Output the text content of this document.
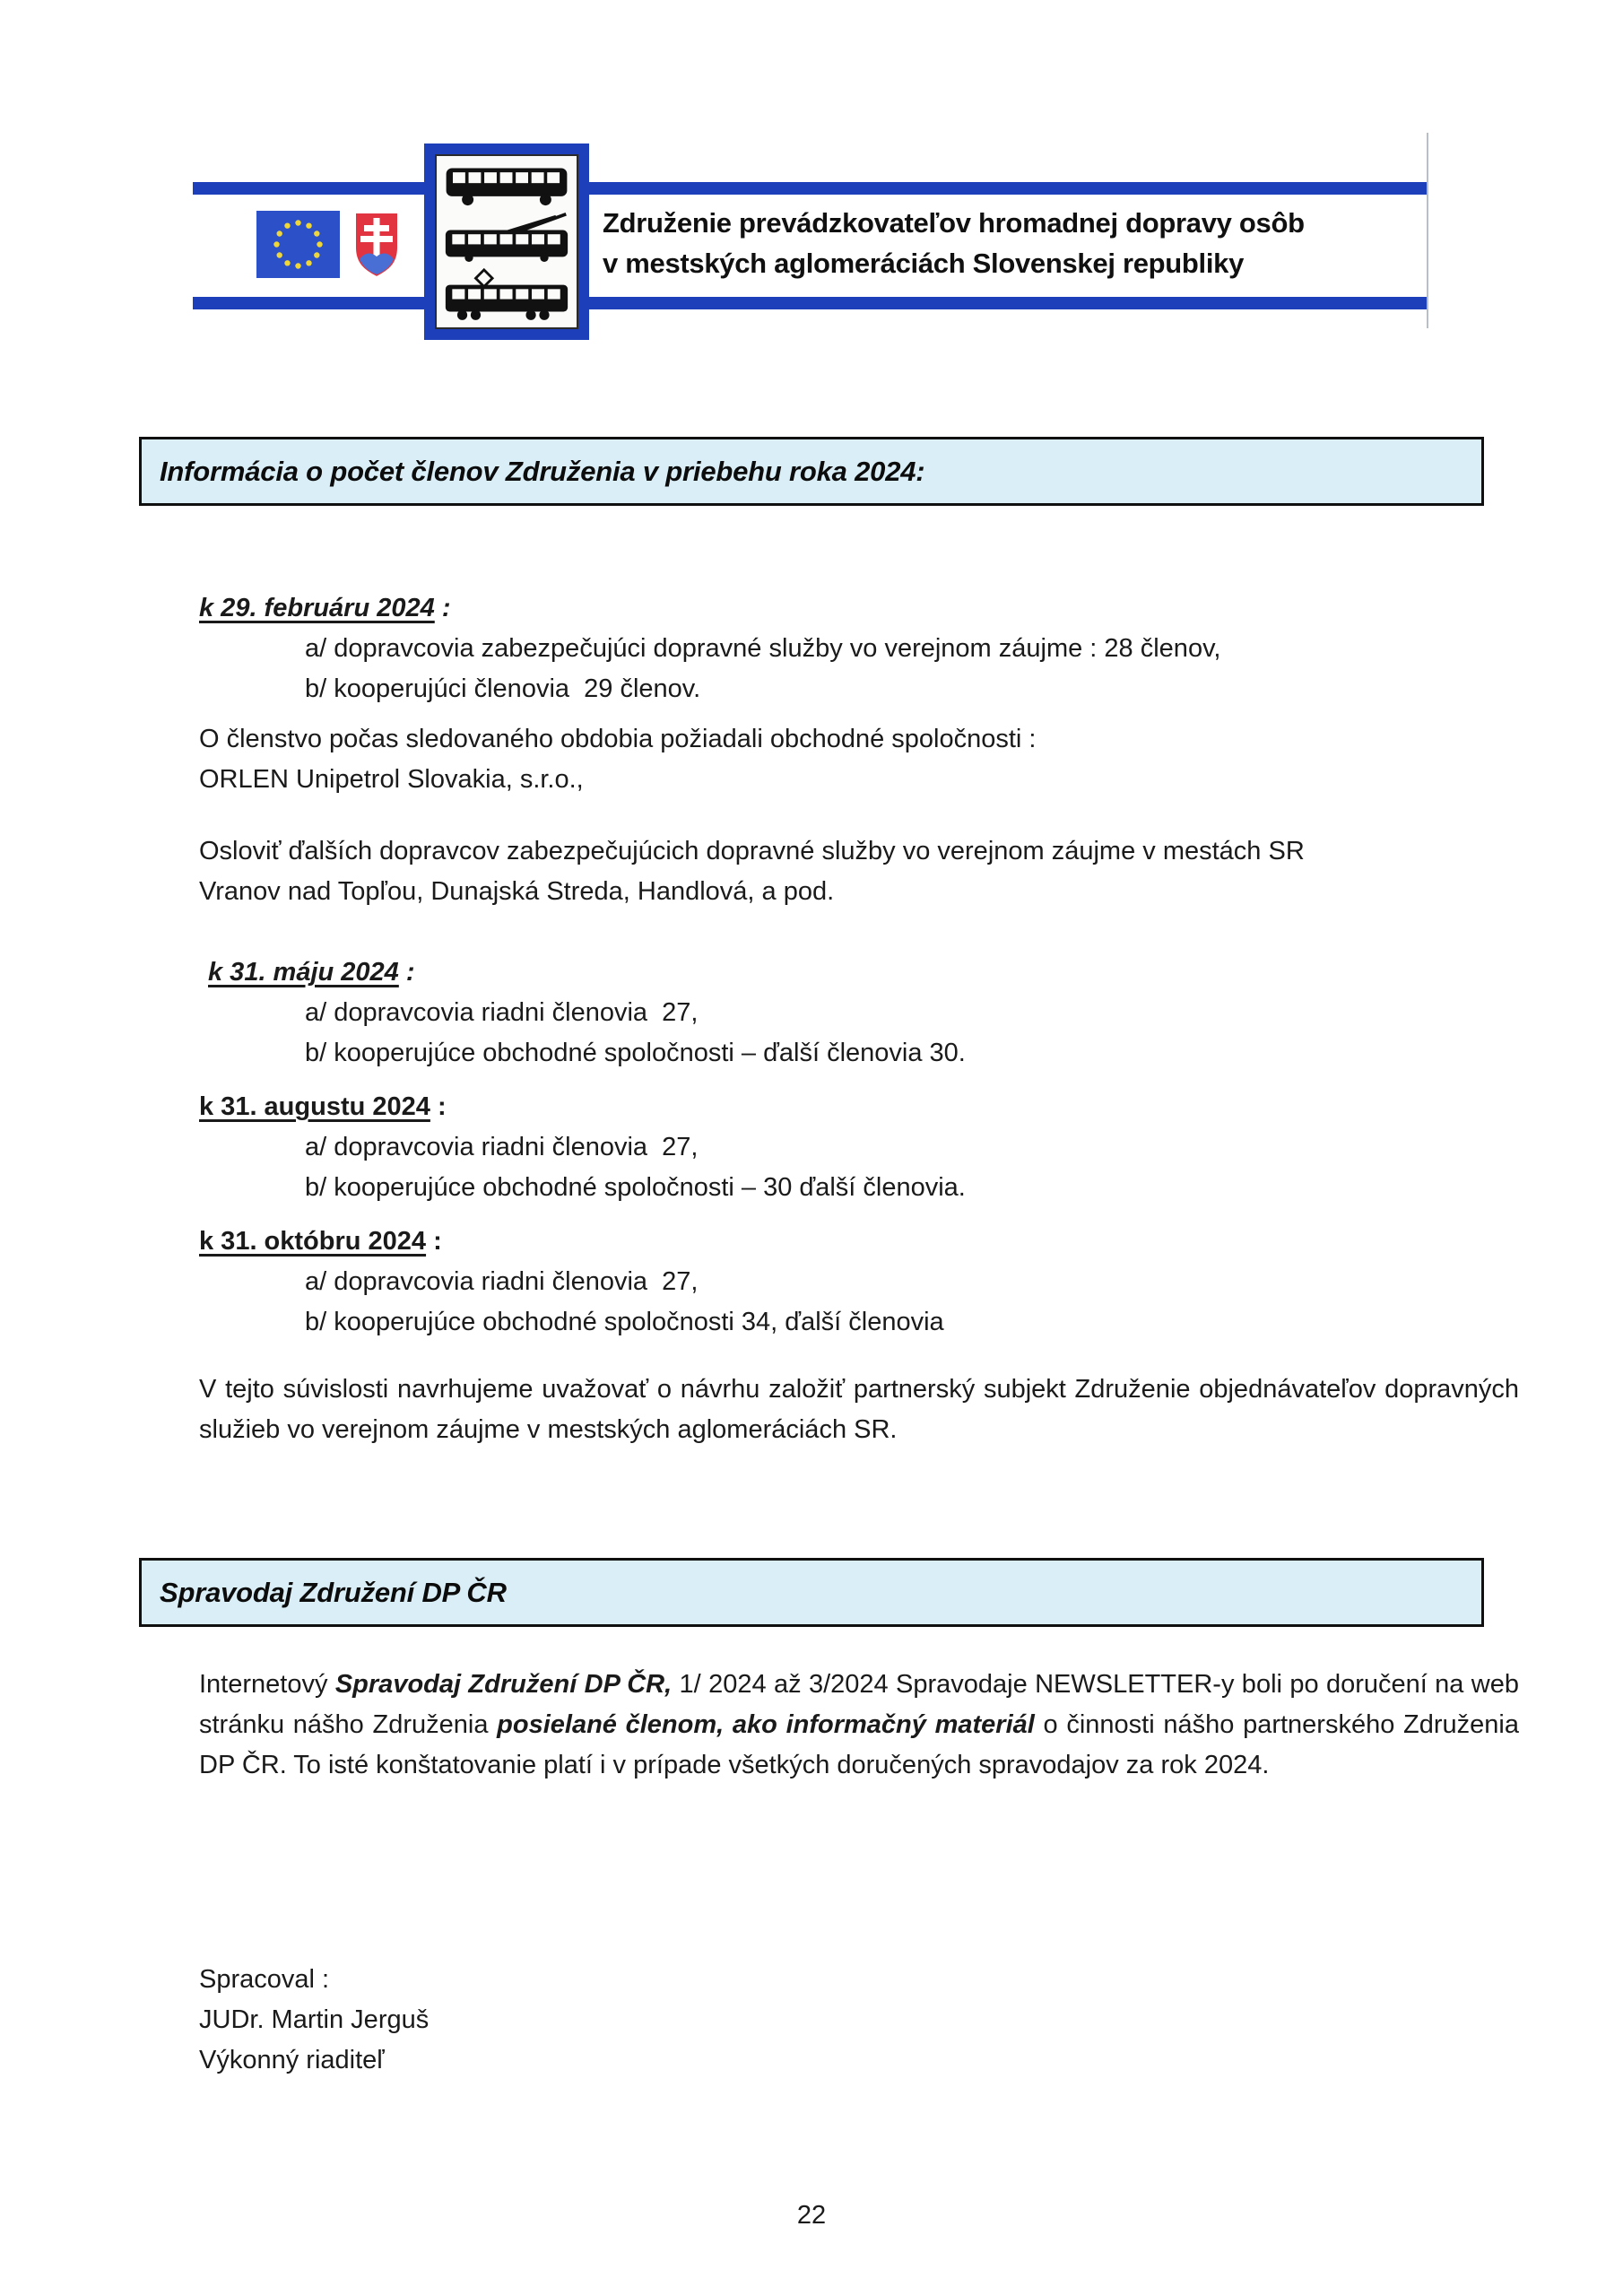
Združenie prevádzkovateľov hromadnej dopravy osôb
v mestských aglomeráciách Slovenskej republiky
Informácia o počet členov Združenia v priebehu roka 2024:
k 29. februáru 2024 :
a/ dopravcovia zabezpečujúci dopravné služby vo verejnom záujme : 28 členov,
b/ kooperujúci členovia  29 členov.
O členstvo počas sledovaného obdobia požiadali obchodné spoločnosti :
ORLEN Unipetrol Slovakia, s.r.o.,
Osloviť ďalších dopravcov zabezpečujúcich dopravné služby vo verejnom záujme v mestách SR
Vranov nad Topľou, Dunajská Streda, Handlová, a pod.
k 31. máju 2024 :
a/ dopravcovia riadni členovia  27,
b/ kooperujúce obchodné spoločnosti – ďalší členovia 30.
k 31. augustu 2024 :
a/ dopravcovia riadni členovia  27,
b/ kooperujúce obchodné spoločnosti – 30 ďalší členovia.
k 31. októbru 2024 :
a/ dopravcovia riadni členovia  27,
b/ kooperujúce obchodné spoločnosti 34, ďalší členovia
V tejto súvislosti navrhujeme uvažovať o návrhu založiť partnerský subjekt Združenie objednávateľov dopravných služieb vo verejnom záujme v mestských aglomeráciách SR.
Spravodaj Združení DP ČR
Internetový Spravodaj Združení DP ČR, 1/ 2024 až 3/2024 Spravodaje NEWSLETTER-y boli po doručení na web stránku nášho Združenia posielané členom, ako informačný materiál o činnosti nášho partnerského Združenia DP ČR. To isté konštatovanie platí i v prípade všetkých doručených spravodajov za rok 2024.
Spracoval :
JUDr. Martin Jerguš
Výkonný riaditeľ
22
